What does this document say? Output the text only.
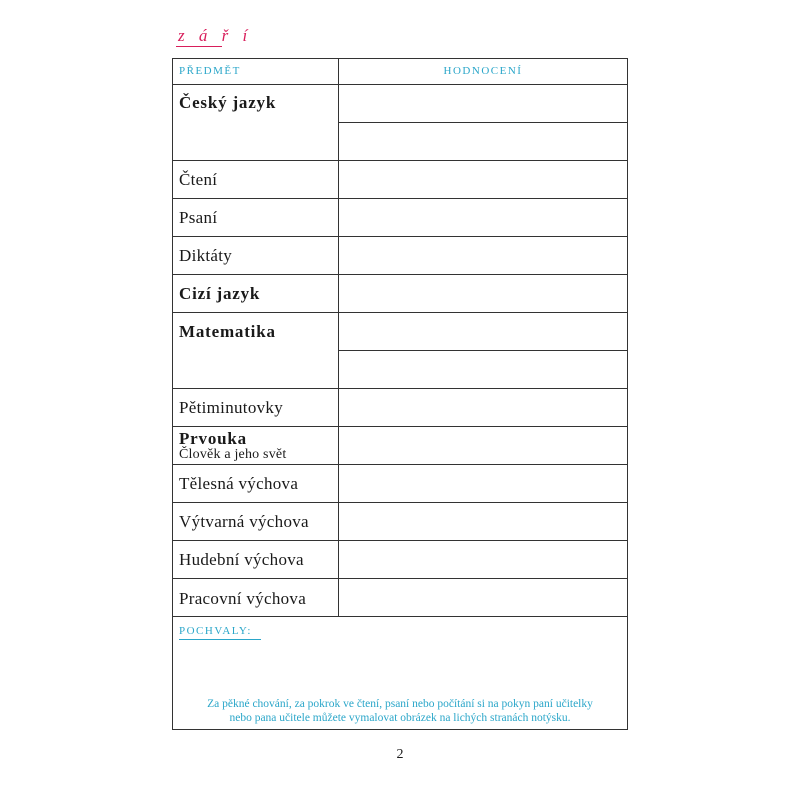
z á ř í
PŘEDMĚT	HODNOCENÍ
Český jazyk
Čtení
Psaní
Diktáty
Cizí jazyk
Matematika
Pětiminutovky
Prvouka
Člověk a jeho svět
Tělesná výchova
Výtvarná výchova
Hudební výchova
Pracovní výchova
POCHVALY:
Za pěkné chování, za pokrok ve čtení, psaní nebo počítání si na pokyn paní učitelky
nebo pana učitele můžete vymalovat obrázek na lichých stranách notýsku.
2
